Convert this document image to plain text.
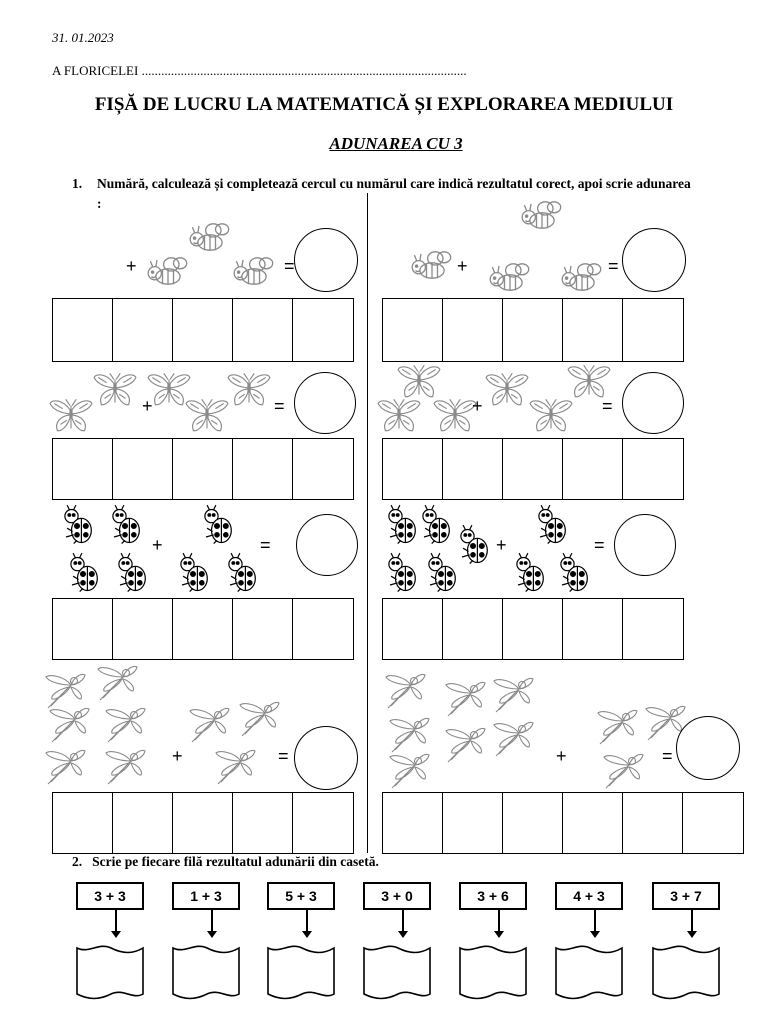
31. 01.2023
A FLORICELEI ....................................................................................................
FIȘĂ DE LUCRU LA MATEMATICĂ ȘI EXPLORAREA MEDIULUI
ADUNAREA CU 3
1. Numără, calculează și completează cercul cu numărul care indică rezultatul corect, apoi scrie adunarea :
+	=	+	=
+	=	+	=
+	=	+	=
+	=	+	=
2. Scrie pe fiecare filă rezultatul adunării din casetă.
3 + 3	1 + 3	5 + 3	3 + 0	3 + 6	4 + 3	3 + 7
